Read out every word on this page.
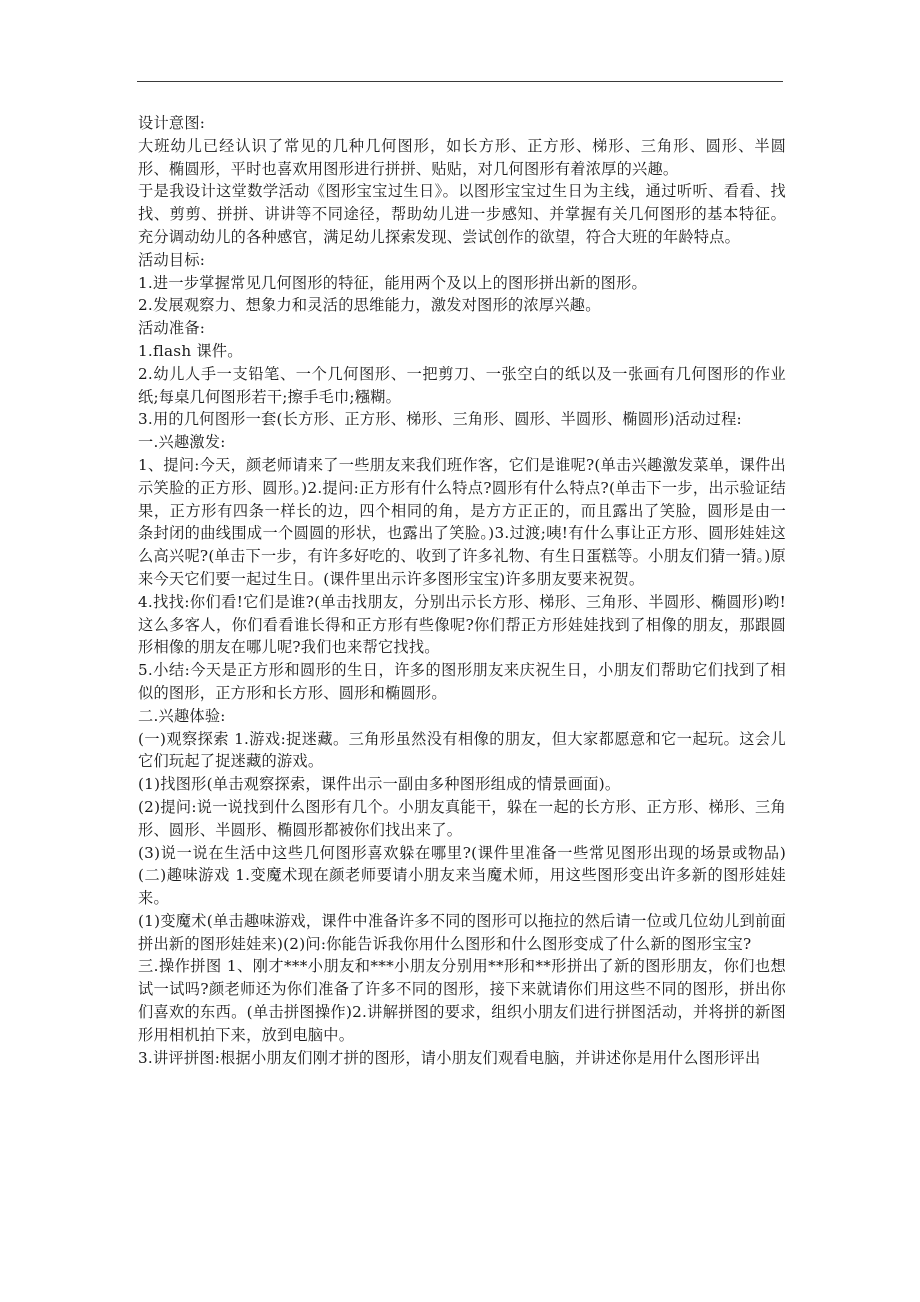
设计意图:

大班幼儿已经认识了常见的几种几何图形，如长方形、正方形、梯形、三角形、圆形、半圆形、椭圆形，平时也喜欢用图形进行拼拼、贴贴，对几何图形有着浓厚的兴趣。

于是我设计这堂数学活动《图形宝宝过生日》。以图形宝宝过生日为主线，通过听听、看看、找找、剪剪、拼拼、讲讲等不同途径，帮助幼儿进一步感知、并掌握有关几何图形的基本特征。充分调动幼儿的各种感官，满足幼儿探索发现、尝试创作的欲望，符合大班的年龄特点。

活动目标:

1.进一步掌握常见几何图形的特征，能用两个及以上的图形拼出新的图形。

2.发展观察力、想象力和灵活的思维能力，激发对图形的浓厚兴趣。

活动准备:

1.flash 课件。

2.幼儿人手一支铅笔、一个几何图形、一把剪刀、一张空白的纸以及一张画有几何图形的作业纸;每桌几何图形若干;擦手毛巾;糨糊。

3.用的几何图形一套(长方形、正方形、梯形、三角形、圆形、半圆形、椭圆形)活动过程:

一.兴趣激发:

1、提问:今天，颜老师请来了一些朋友来我们班作客，它们是谁呢?(单击兴趣激发菜单，课件出示笑脸的正方形、圆形。)2.提问:正方形有什么特点?圆形有什么特点?(单击下一步，出示验证结果，正方形有四条一样长的边，四个相同的角，是方方正正的，而且露出了笑脸，圆形是由一条封闭的曲线围成一个圆圆的形状，也露出了笑脸。)3.过渡;咦!有什么事让正方形、圆形娃娃这么高兴呢?(单击下一步，有许多好吃的、收到了许多礼物、有生日蛋糕等。小朋友们猜一猜。)原来今天它们要一起过生日。(课件里出示许多图形宝宝)许多朋友要来祝贺。

4.找找:你们看!它们是谁?(单击找朋友，分别出示长方形、梯形、三角形、半圆形、椭圆形)哟!这么多客人，你们看看谁长得和正方形有些像呢?你们帮正方形娃娃找到了相像的朋友，那跟圆形相像的朋友在哪儿呢?我们也来帮它找找。

5.小结:今天是正方形和圆形的生日，许多的图形朋友来庆祝生日，小朋友们帮助它们找到了相似的图形，正方形和长方形、圆形和椭圆形。

二.兴趣体验:

(一)观察探索 1.游戏:捉迷藏。三角形虽然没有相像的朋友，但大家都愿意和它一起玩。这会儿它们玩起了捉迷藏的游戏。

(1)找图形(单击观察探索，课件出示一副由多种图形组成的情景画面)。

(2)提问:说一说找到什么图形有几个。小朋友真能干，躲在一起的长方形、正方形、梯形、三角形、圆形、半圆形、椭圆形都被你们找出来了。

(3)说一说在生活中这些几何图形喜欢躲在哪里?(课件里准备一些常见图形出现的场景或物品)(二)趣味游戏 1.变魔术现在颜老师要请小朋友来当魔术师，用这些图形变出许多新的图形娃娃来。

(1)变魔术(单击趣味游戏，课件中准备许多不同的图形可以拖拉的然后请一位或几位幼儿到前面拼出新的图形娃娃来)(2)问:你能告诉我你用什么图形和什么图形变成了什么新的图形宝宝?

三.操作拼图 1、刚才***小朋友和***小朋友分别用**形和**形拼出了新的图形朋友，你们也想试一试吗?颜老师还为你们准备了许多不同的图形，接下来就请你们用这些不同的图形，拼出你们喜欢的东西。(单击拼图操作)2.讲解拼图的要求，组织小朋友们进行拼图活动，并将拼的新图形用相机拍下来，放到电脑中。

3.讲评拼图:根据小朋友们刚才拼的图形，请小朋友们观看电脑，并讲述你是用什么图形评出
